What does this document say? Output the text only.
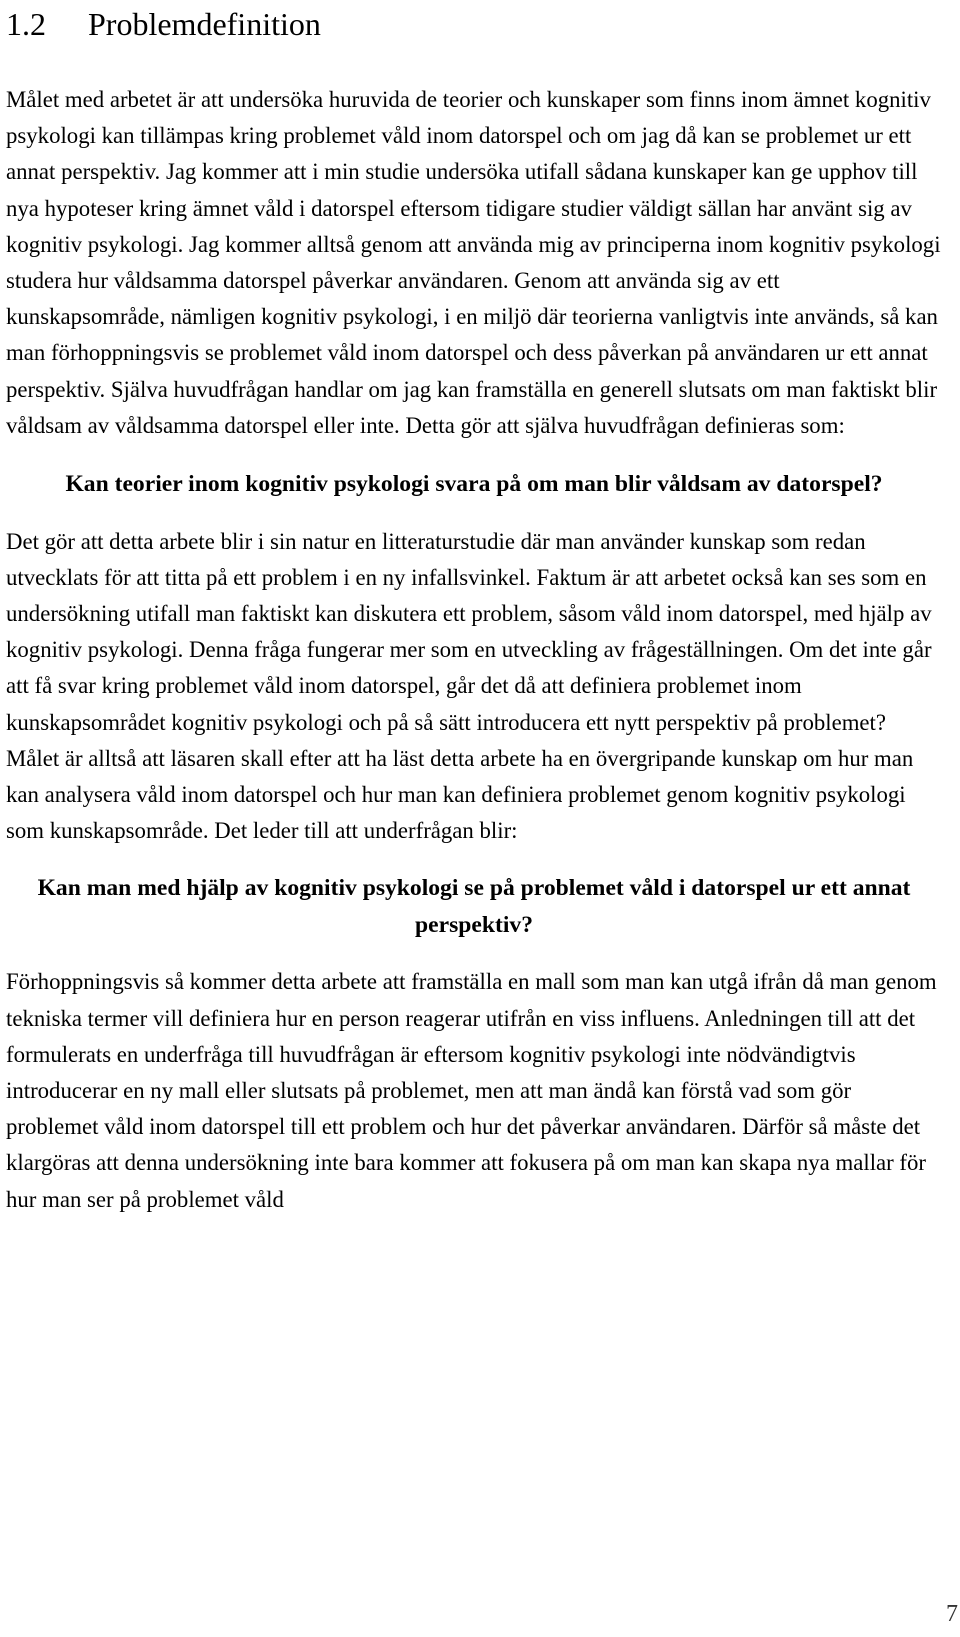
1.2 Problemdefinition

Målet med arbetet är att undersöka huruvida de teorier och kunskaper som finns inom ämnet kognitiv psykologi kan tillämpas kring problemet våld inom datorspel och om jag då kan se problemet ur ett annat perspektiv. Jag kommer att i min studie undersöka utifall sådana kunskaper kan ge upphov till nya hypoteser kring ämnet våld i datorspel eftersom tidigare studier väldigt sällan har använt sig av kognitiv psykologi. Jag kommer alltså genom att använda mig av principerna inom kognitiv psykologi studera hur våldsamma datorspel påverkar användaren. Genom att använda sig av ett kunskapsområde, nämligen kognitiv psykologi, i en miljö där teorierna vanligtvis inte används, så kan man förhoppningsvis se problemet våld inom datorspel och dess påverkan på användaren ur ett annat perspektiv. Själva huvudfrågan handlar om jag kan framställa en generell slutsats om man faktiskt blir våldsam av våldsamma datorspel eller inte. Detta gör att själva huvudfrågan definieras som:

Kan teorier inom kognitiv psykologi svara på om man blir våldsam av datorspel?

Det gör att detta arbete blir i sin natur en litteraturstudie där man använder kunskap som redan utvecklats för att titta på ett problem i en ny infallsvinkel. Faktum är att arbetet också kan ses som en undersökning utifall man faktiskt kan diskutera ett problem, såsom våld inom datorspel, med hjälp av kognitiv psykologi. Denna fråga fungerar mer som en utveckling av frågeställningen. Om det inte går att få svar kring problemet våld inom datorspel, går det då att definiera problemet inom kunskapsområdet kognitiv psykologi och på så sätt introducera ett nytt perspektiv på problemet? Målet är alltså att läsaren skall efter att ha läst detta arbete ha en övergripande kunskap om hur man kan analysera våld inom datorspel och hur man kan definiera problemet genom kognitiv psykologi som kunskapsområde. Det leder till att underfrågan blir:

Kan man med hjälp av kognitiv psykologi se på problemet våld i datorspel ur ett annat perspektiv?

Förhoppningsvis så kommer detta arbete att framställa en mall som man kan utgå ifrån då man genom tekniska termer vill definiera hur en person reagerar utifrån en viss influens. Anledningen till att det formulerats en underfråga till huvudfrågan är eftersom kognitiv psykologi inte nödvändigtvis introducerar en ny mall eller slutsats på problemet, men att man ändå kan förstå vad som gör problemet våld inom datorspel till ett problem och hur det påverkar användaren. Därför så måste det klargöras att denna undersökning inte bara kommer att fokusera på om man kan skapa nya mallar för hur man ser på problemet våld

7
